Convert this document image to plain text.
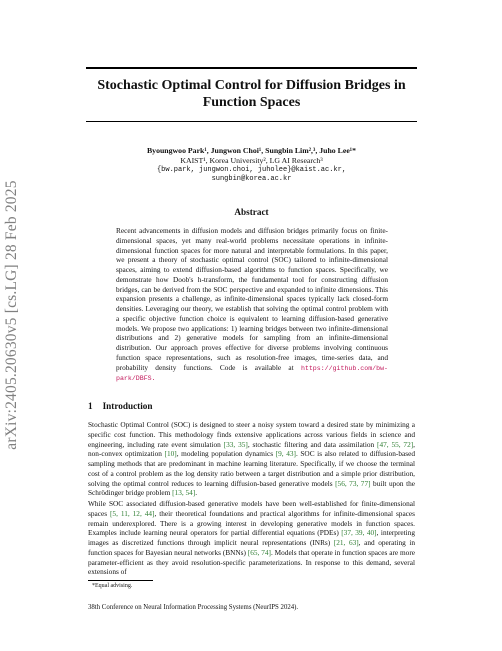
arXiv:2405.20630v5 [cs.LG] 28 Feb 2025
Stochastic Optimal Control for Diffusion Bridges in Function Spaces
Byoungwoo Park¹, Jungwon Choi¹, Sungbin Lim²,³, Juho Lee¹*
KAIST¹, Korea University², LG AI Research³
{bw.park, jungwon.choi, juholee}@kaist.ac.kr,
sungbin@korea.ac.kr
Abstract
Recent advancements in diffusion models and diffusion bridges primarily focus on finite-dimensional spaces, yet many real-world problems necessitate operations in infinite-dimensional function spaces for more natural and interpretable formulations. In this paper, we present a theory of stochastic optimal control (SOC) tailored to infinite-dimensional spaces, aiming to extend diffusion-based algorithms to function spaces. Specifically, we demonstrate how Doob's h-transform, the fundamental tool for constructing diffusion bridges, can be derived from the SOC perspective and expanded to infinite dimensions. This expansion presents a challenge, as infinite-dimensional spaces typically lack closed-form densities. Leveraging our theory, we establish that solving the optimal control problem with a specific objective function choice is equivalent to learning diffusion-based generative models. We propose two applications: 1) learning bridges between two infinite-dimensional distributions and 2) generative models for sampling from an infinite-dimensional distribution. Our approach proves effective for diverse problems involving continuous function space representations, such as resolution-free images, time-series data, and probability density functions. Code is available at https://github.com/bw-park/DBFS.
1 Introduction
Stochastic Optimal Control (SOC) is designed to steer a noisy system toward a desired state by minimizing a specific cost function. This methodology finds extensive applications across various fields in science and engineering, including rate event simulation [33, 35], stochastic filtering and data assimilation [47, 55, 72], non-convex optimization [10], modeling population dynamics [9, 43]. SOC is also related to diffusion-based sampling methods that are predominant in machine learning literature. Specifically, if we choose the terminal cost of a control problem as the log density ratio between a target distribution and a simple prior distribution, solving the optimal control reduces to learning diffusion-based generative models [56, 73, 77] built upon the Schrödinger bridge problem [13, 54].
While SOC associated diffusion-based generative models have been well-established for finite-dimensional spaces [5, 11, 12, 44], their theoretical foundations and practical algorithms for infinite-dimensional spaces remain underexplored. There is a growing interest in developing generative models in function spaces. Examples include learning neural operators for partial differential equations (PDEs) [37, 39, 40], interpreting images as discretized functions through implicit neural representations (INRs) [21, 63], and operating in function spaces for Bayesian neural networks (BNNs) [65, 74]. Models that operate in function spaces are more parameter-efficient as they avoid resolution-specific parameterizations. In response to this demand, several extensions of
*Equal advising.
38th Conference on Neural Information Processing Systems (NeurIPS 2024).
